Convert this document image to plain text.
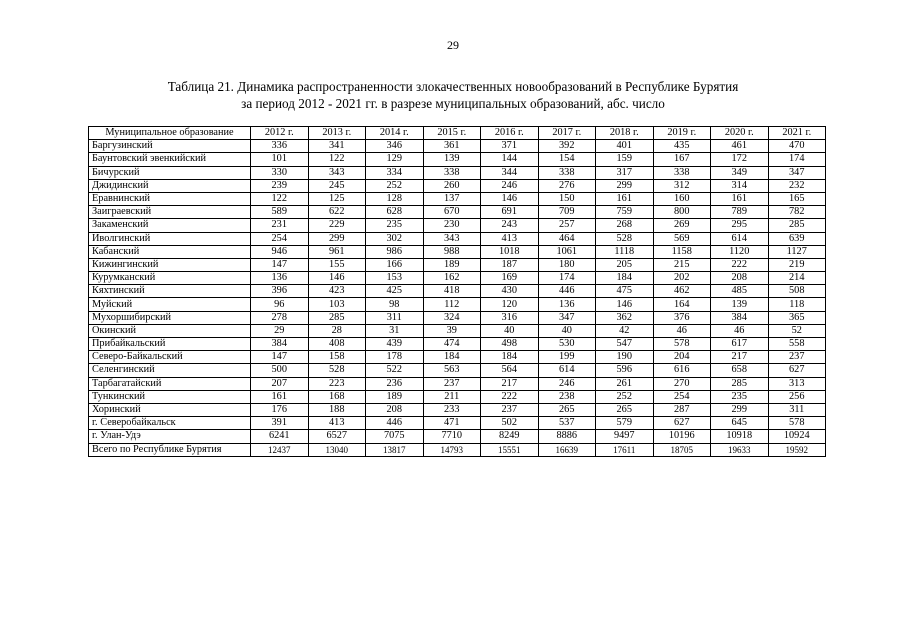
29
Таблица 21. Динамика распространенности злокачественных новообразований в Республике Бурятия
за период 2012 - 2021 гг. в разрезе муниципальных образований, абс. число
Муниципальное образование	2012 г.	2013 г.	2014 г.	2015 г.	2016 г.	2017 г.	2018 г.	2019 г.	2020 г.	2021 г.
Баргузинский	336	341	346	361	371	392	401	435	461	470
Баунтовский эвенкийский	101	122	129	139	144	154	159	167	172	174
Бичурский	330	343	334	338	344	338	317	338	349	347
Джидинский	239	245	252	260	246	276	299	312	314	232
Еравнинский	122	125	128	137	146	150	161	160	161	165
Заиграевский	589	622	628	670	691	709	759	800	789	782
Закаменский	231	229	235	230	243	257	268	269	295	285
Иволгинский	254	299	302	343	413	464	528	569	614	639
Кабанский	946	961	986	988	1018	1061	1118	1158	1120	1127
Кижингинский	147	155	166	189	187	180	205	215	222	219
Курумканский	136	146	153	162	169	174	184	202	208	214
Кяхтинский	396	423	425	418	430	446	475	462	485	508
Муйский	96	103	98	112	120	136	146	164	139	118
Мухоршибирский	278	285	311	324	316	347	362	376	384	365
Окинский	29	28	31	39	40	40	42	46	46	52
Прибайкальский	384	408	439	474	498	530	547	578	617	558
Северо-Байкальский	147	158	178	184	184	199	190	204	217	237
Селенгинский	500	528	522	563	564	614	596	616	658	627
Тарбагатайский	207	223	236	237	217	246	261	270	285	313
Тункинский	161	168	189	211	222	238	252	254	235	256
Хоринский	176	188	208	233	237	265	265	287	299	311
г. Северобайкальск	391	413	446	471	502	537	579	627	645	578
г. Улан-Удэ	6241	6527	7075	7710	8249	8886	9497	10196	10918	10924
Всего по Республике Бурятия	12437	13040	13817	14793	15551	16639	17611	18705	19633	19592
